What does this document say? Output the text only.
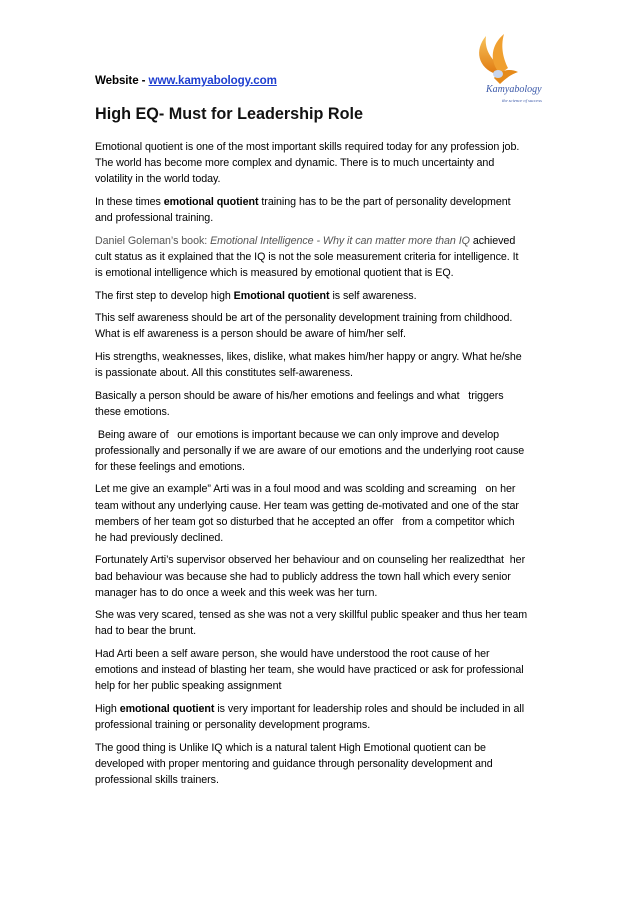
Kamyabology
the science of success
Website - www.kamyabology.com
High EQ- Must for Leadership Role

Emotional quotient is one of the most important skills required today for any profession job.
The world has become more complex and dynamic. There is to much uncertainty and
volatility in the world today.

In these times emotional quotient training has to be the part of personality development
and professional training.

Daniel Goleman’s book: Emotional Intelligence - Why it can matter more than IQ achieved
cult status as it explained that the IQ is not the sole measurement criteria for intelligence. It
is emotional intelligence which is measured by emotional quotient that is EQ.

The first step to develop high Emotional quotient is self awareness.

This self awareness should be art of the personality development training from childhood.
What is elf awareness is a person should be aware of him/her self.

His strengths, weaknesses, likes, dislike, what makes him/her happy or angry. What he/she
is passionate about. All this constitutes self-awareness.

Basically a person should be aware of his/her emotions and feelings and what   triggers
these emotions.

Being aware of   our emotions is important because we can only improve and develop
professionally and personally if we are aware of our emotions and the underlying root cause
for these feelings and emotions.

Let me give an example” Arti was in a foul mood and was scolding and screaming   on her
team without any underlying cause. Her team was getting de-motivated and one of the star
members of her team got so disturbed that he accepted an offer   from a competitor which
he had previously declined.

Fortunately Arti’s supervisor observed her behaviour and on counseling her realizedthat  her
bad behaviour was because she had to publicly address the town hall which every senior
manager has to do once a week and this week was her turn.

She was very scared, tensed as she was not a very skillful public speaker and thus her team
had to bear the brunt.

Had Arti been a self aware person, she would have understood the root cause of her
emotions and instead of blasting her team, she would have practiced or ask for professional
help for her public speaking assignment

High emotional quotient is very important for leadership roles and should be included in all
professional training or personality development programs.

The good thing is Unlike IQ which is a natural talent High Emotional quotient can be
developed with proper mentoring and guidance through personality development and
professional skills trainers.
